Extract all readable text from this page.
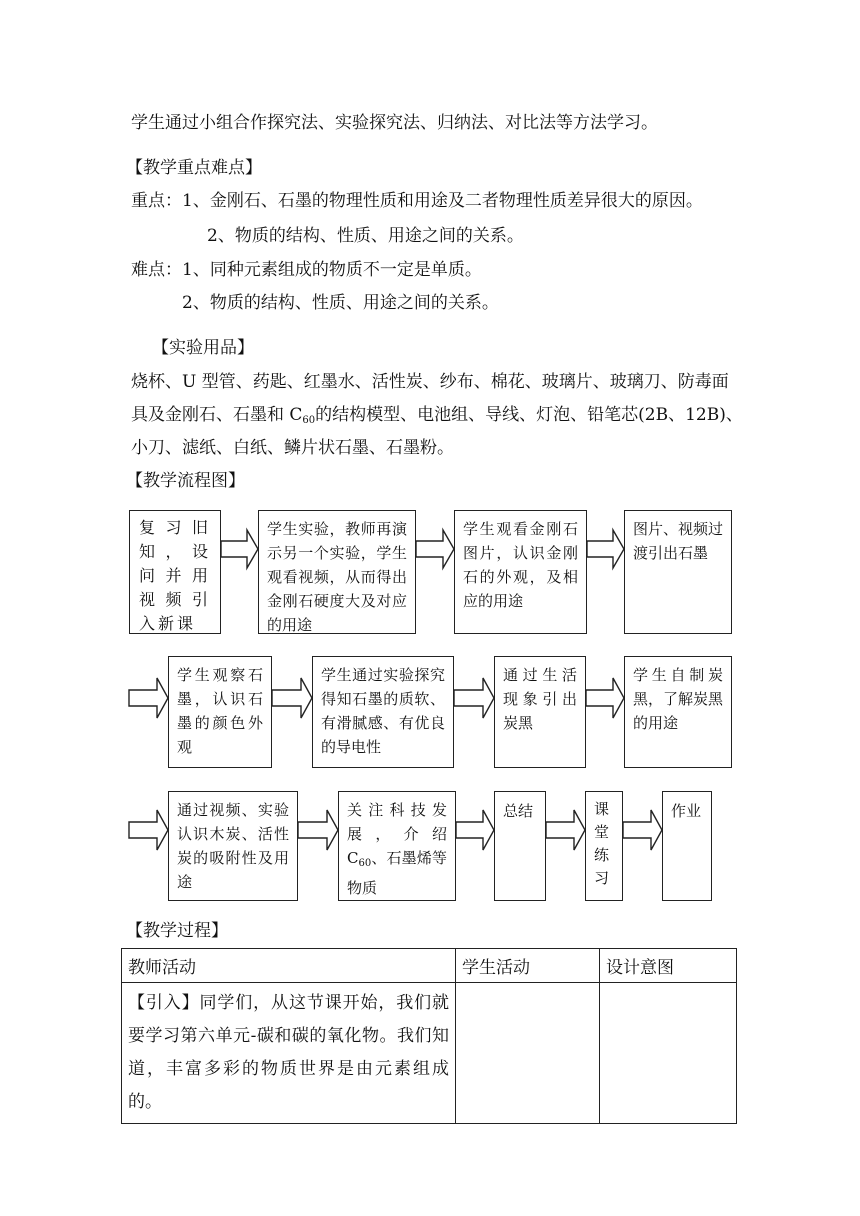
学生通过小组合作探究法、实验探究法、归纳法、对比法等方法学习。
【教学重点难点】
重点：1、金刚石、石墨的物理性质和用途及二者物理性质差异很大的原因。
2、物质的结构、性质、用途之间的关系。
难点：1、同种元素组成的物质不一定是单质。
2、物质的结构、性质、用途之间的关系。
【实验用品】
烧杯、U 型管、药匙、红墨水、活性炭、纱布、棉花、玻璃片、玻璃刀、防毒面
具及金刚石、石墨和 $C_{60}$的结构模型、电池组、导线、灯泡、铅笔芯(2B、12B)、
小刀、滤纸、白纸、鳞片状石墨、石墨粉。
【教学流程图】
复习旧知，设问并用视频引入新课
学生实验，教师再演示另一个实验，学生观看视频，从而得出金刚石硬度大及对应的用途
学生观看金刚石图片，认识金刚石的外观，及相应的用途
图片、视频过渡引出石墨
学生观察石墨，认识石墨的颜色外观
学生通过实验探究得知石墨的质软、有滑腻感、有优良的导电性
通过生活现象引出炭黑
学生自制炭黑，了解炭黑的用途
通过视频、实验认识木炭、活性炭的吸附性及用途
关注科技发展，介绍 $C_{60}$、石墨烯等物质
总结	课堂练习
作业
【教学过程】
教师活动	学生活动	设计意图
【引入】同学们，从这节课开始，我们就要学习第六单元-碳和碳的氧化物。我们知道，丰富多彩的物质世界是由元素组成的。		
